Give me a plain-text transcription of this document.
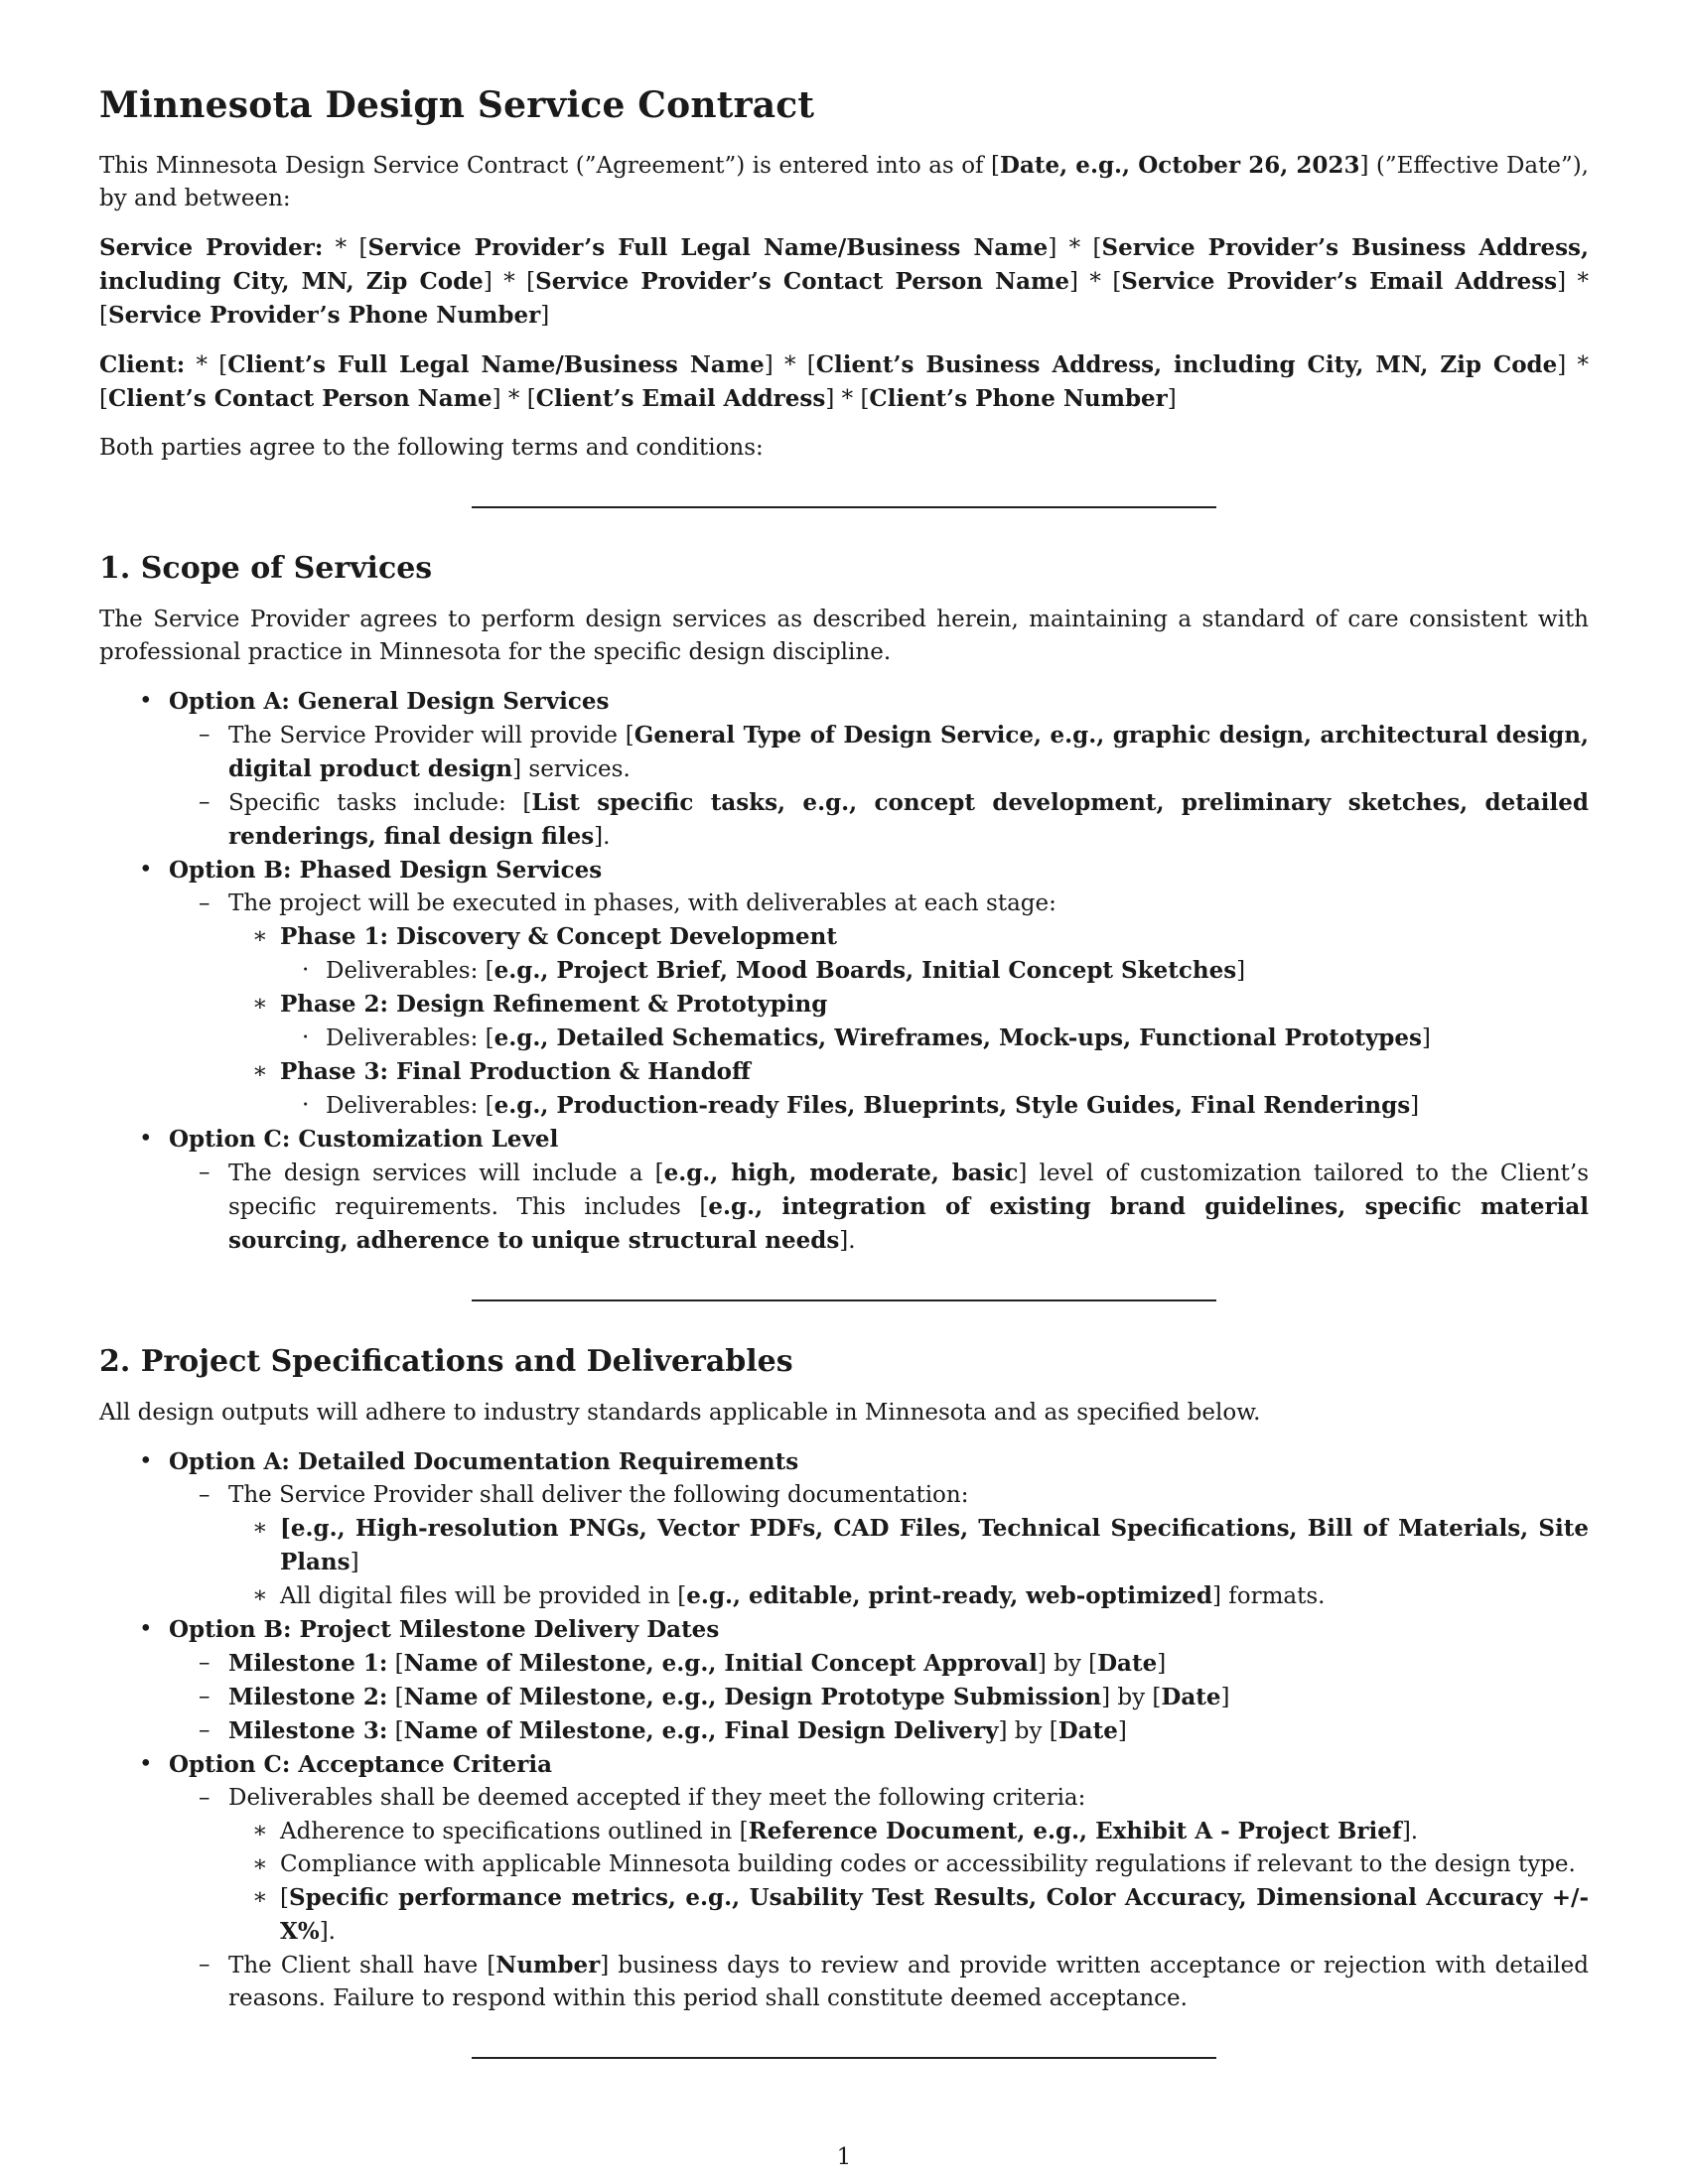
Minnesota Design Service Contract

This Minnesota Design Service Contract (”Agreement”) is entered into as of [Date, e.g., October 26, 2023] (”Effective Date”), by and between:

Service Provider: * [Service Provider’s Full Legal Name/Business Name] * [Service Provider’s Business Address, including City, MN, Zip Code] * [Service Provider’s Contact Person Name] * [Service Provider’s Email Address] * [Service Provider’s Phone Number]

Client: * [Client’s Full Legal Name/Business Name] * [Client’s Business Address, including City, MN, Zip Code] * [Client’s Contact Person Name] * [Client’s Email Address] * [Client’s Phone Number]

Both parties agree to the following terms and conditions:

1. Scope of Services

The Service Provider agrees to perform design services as described herein, maintaining a standard of care consistent with professional practice in Minnesota for the specific design discipline.

• Option A: General Design Services
– The Service Provider will provide [General Type of Design Service, e.g., graphic design, architectural design, digital product design] services.
– Specific tasks include: [List specific tasks, e.g., concept development, preliminary sketches, detailed renderings, final design files].
• Option B: Phased Design Services
– The project will be executed in phases, with deliverables at each stage:
∗ Phase 1: Discovery & Concept Development
· Deliverables: [e.g., Project Brief, Mood Boards, Initial Concept Sketches]
∗ Phase 2: Design Refinement & Prototyping
· Deliverables: [e.g., Detailed Schematics, Wireframes, Mock-ups, Functional Prototypes]
∗ Phase 3: Final Production & Handoff
· Deliverables: [e.g., Production-ready Files, Blueprints, Style Guides, Final Renderings]
• Option C: Customization Level
– The design services will include a [e.g., high, moderate, basic] level of customization tailored to the Client’s specific requirements. This includes [e.g., integration of existing brand guidelines, specific material sourcing, adherence to unique structural needs].
2. Project Specifications and Deliverables

All design outputs will adhere to industry standards applicable in Minnesota and as specified below.

• Option A: Detailed Documentation Requirements
– The Service Provider shall deliver the following documentation:
∗ [e.g., High-resolution PNGs, Vector PDFs, CAD Files, Technical Specifications, Bill of Materials, Site Plans]
∗ All digital files will be provided in [e.g., editable, print-ready, web-optimized] formats.
• Option B: Project Milestone Delivery Dates
– Milestone 1: [Name of Milestone, e.g., Initial Concept Approval] by [Date]
– Milestone 2: [Name of Milestone, e.g., Design Prototype Submission] by [Date]
– Milestone 3: [Name of Milestone, e.g., Final Design Delivery] by [Date]
• Option C: Acceptance Criteria
– Deliverables shall be deemed accepted if they meet the following criteria:
∗ Adherence to specifications outlined in [Reference Document, e.g., Exhibit A - Project Brief].
∗ Compliance with applicable Minnesota building codes or accessibility regulations if relevant to the design type.
∗ [Specific performance metrics, e.g., Usability Test Results, Color Accuracy, Dimensional Accuracy +/- X%].
– The Client shall have [Number] business days to review and provide written acceptance or rejection with detailed reasons. Failure to respond within this period shall constitute deemed acceptance.
1
